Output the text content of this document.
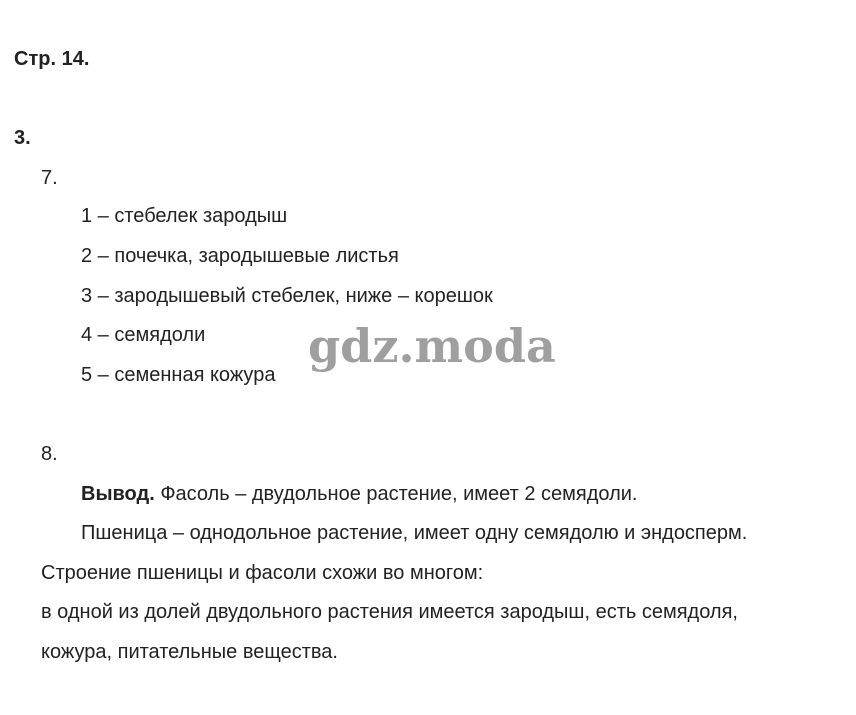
Стр. 14.
3.
7.
1 – стебелек зародыш
2 – почечка, зародышевые листья
3 – зародышевый стебелек, ниже – корешок
4 – семядоли
5 – семенная кожура
gdz.moda
8.
Вывод. Фасоль – двудольное растение, имеет 2 семядоли.
Пшеница – однодольное растение, имеет одну семядолю и эндосперм.
Строение пшеницы и фасоли схожи во многом:
в одной из долей двудольного растения имеется зародыш, есть семядоля,
кожура, питательные вещества.
